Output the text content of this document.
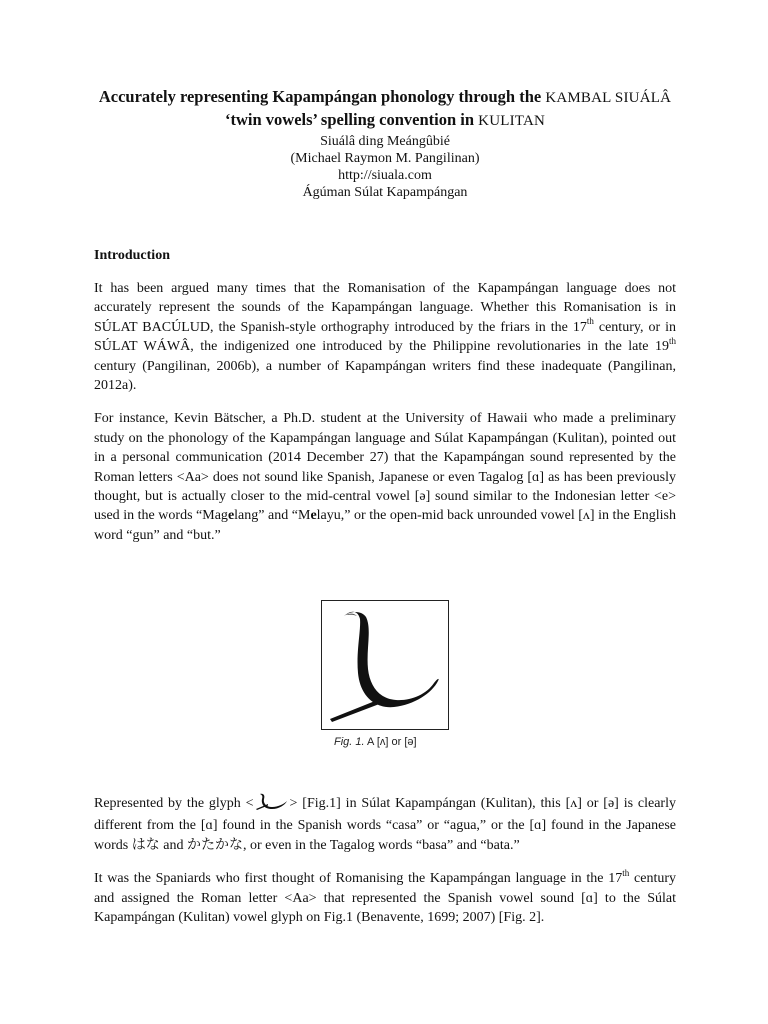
Accurately representing Kapampángan phonology through the KAMBAL SIUÁLÂ
‘twin vowels’ spelling convention in KULITAN
Siuálâ ding Meángûbié
(Michael Raymon M. Pangilinan)
http://siuala.com
Ágúman Súlat Kapampángan
Introduction

It has been argued many times that the Romanisation of the Kapampángan language does not accurately represent the sounds of the Kapampángan language. Whether this Romanisation is in SÚLAT BACÚLUD, the Spanish-style orthography introduced by the friars in the 17th century, or in SÚLAT WÁWÂ, the indigenized one introduced by the Philippine revolutionaries in the late 19th century (Pangilinan, 2006b), a number of Kapampángan writers find these inadequate (Pangilinan, 2012a).

For instance, Kevin Bätscher, a Ph.D. student at the University of Hawaii who made a preliminary study on the phonology of the Kapampángan language and Súlat Kapampángan (Kulitan), pointed out in a personal communication (2014 December 27) that the Kapampángan sound represented by the Roman letters <Aa> does not sound like Spanish, Japanese or even Tagalog [ɑ] as has been previously thought, but is actually closer to the mid-central vowel [ə] sound similar to the Indonesian letter <e> used in the words “Magelang” and “Melayu,” or the open-mid back unrounded vowel [ʌ] in the English word “gun” and “but.”

Fig. 1. A [ʌ] or [ə]

Represented by the glyph <	> [Fig.1] in Súlat Kapampángan (Kulitan), this [ʌ] or [ə] is clearly different from the [ɑ] found in the Spanish words “casa” or “agua,” or the [ɑ] found in the Japanese words はな and かたかな, or even in the Tagalog words “basa” and “bata.”

It was the Spaniards who first thought of Romanising the Kapampángan language in the 17th century and assigned the Roman letter <Aa> that represented the Spanish vowel sound [ɑ] to the Súlat Kapampángan (Kulitan) vowel glyph on Fig.1 (Benavente, 1699; 2007) [Fig. 2].
